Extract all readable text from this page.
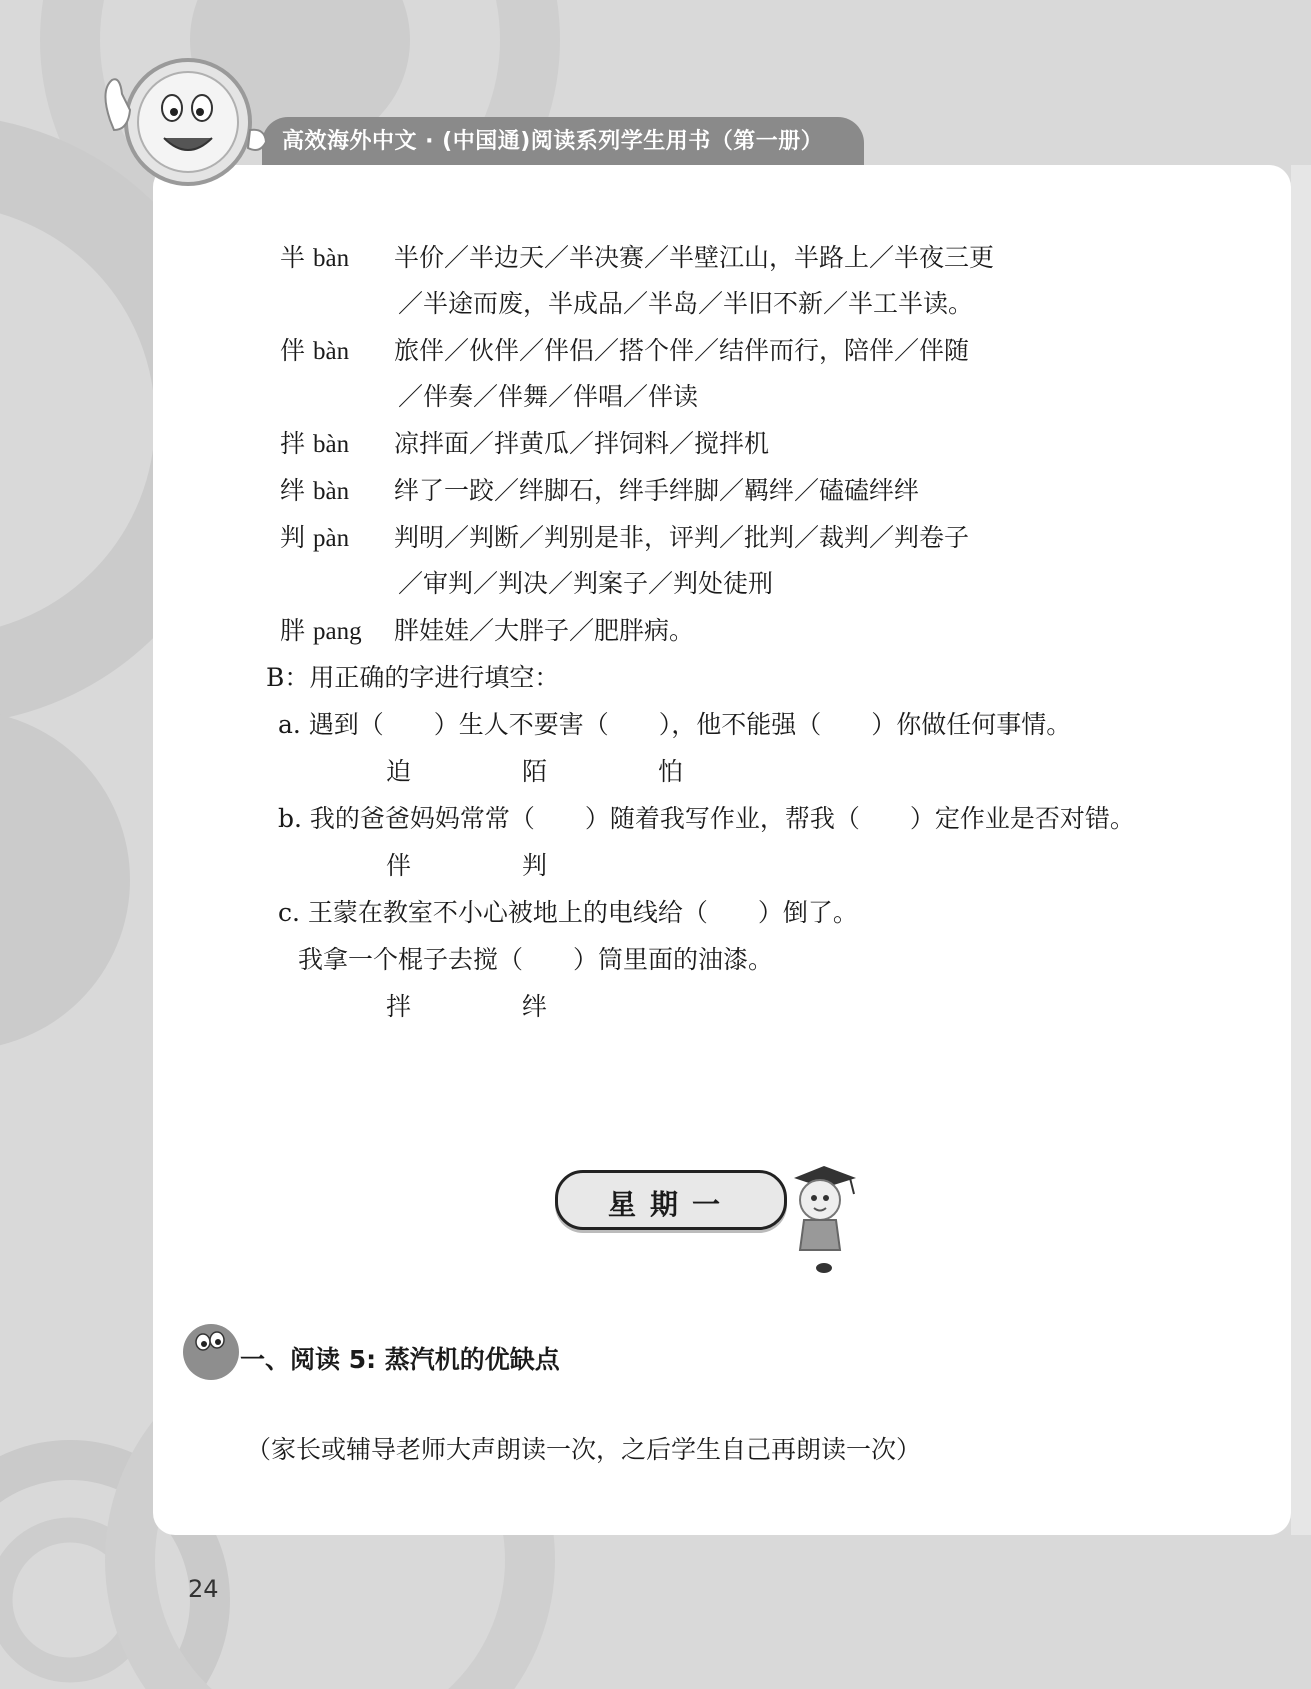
高效海外中文 · (中国通)阅读系列学生用书（第一册）
半 bàn 半价／半边天／半决赛／半壁江山，半路上／半夜三更
／半途而废，半成品／半岛／半旧不新／半工半读。
伴 bàn 旅伴／伙伴／伴侣／搭个伴／结伴而行，陪伴／伴随
／伴奏／伴舞／伴唱／伴读
拌 bàn 凉拌面／拌黄瓜／拌饲料／搅拌机
绊 bàn 绊了一跤／绊脚石，绊手绊脚／羁绊／磕磕绊绊
判 pàn 判明／判断／判别是非，评判／批判／裁判／判卷子
／审判／判决／判案子／判处徒刑
胖 pang 胖娃娃／大胖子／肥胖病。
B：用正确的字进行填空：
a. 遇到（　　）生人不要害（　　），他不能强（　　）你做任何事情。
迫	陌	怕
b. 我的爸爸妈妈常常（　　）随着我写作业，帮我（　　）定作业是否对错。
伴	判
c. 王蒙在教室不小心被地上的电线给（　　）倒了。
我拿一个棍子去搅（　　）筒里面的油漆。
拌	绊
星期一
一、阅读 5: 蒸汽机的优缺点
（家长或辅导老师大声朗读一次，之后学生自己再朗读一次）
24
